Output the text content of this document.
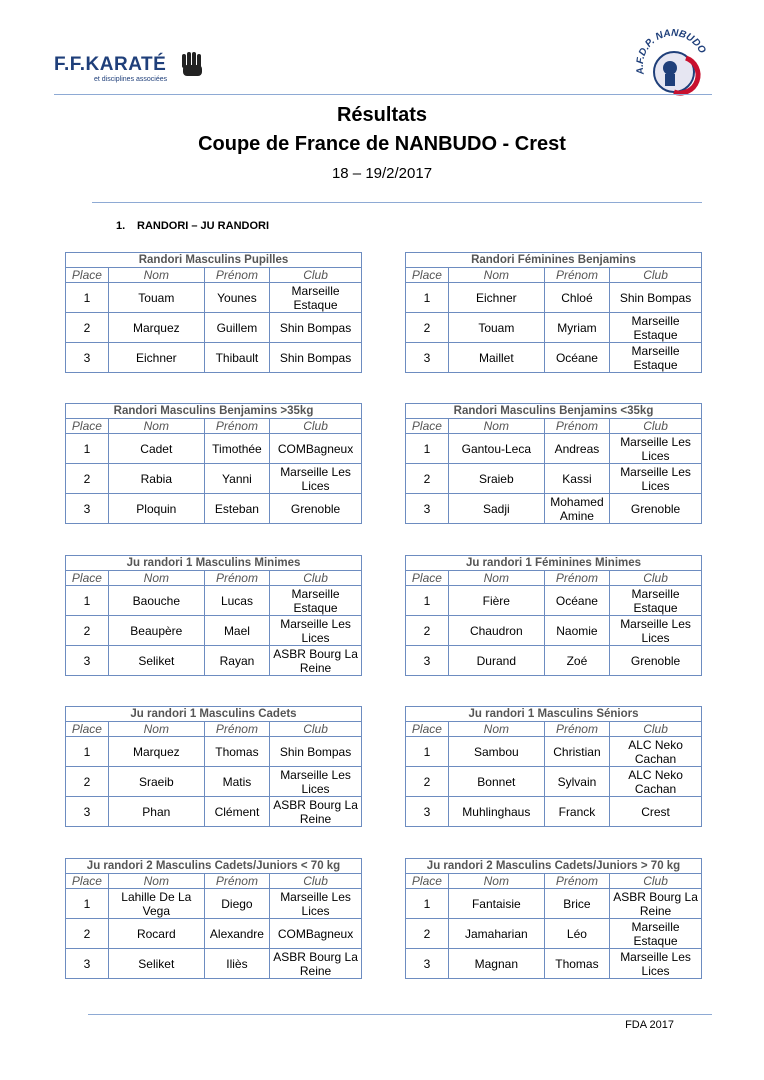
F.F.KARATÉ
et disciplines associées
A.F.D.P. NANBUDO
Résultats
Coupe de France de NANBUDO - Crest
18 – 19/2/2017
1. RANDORI – JU RANDORI
Randori Masculins Pupilles			
Place	Nom	Prénom	Club
1	Touam	Younes	Marseille Estaque
2	Marquez	Guillem	Shin Bompas
3	Eichner	Thibault	Shin Bompas
Randori Féminines Benjamins			
Place	Nom	Prénom	Club
1	Eichner	Chloé	Shin Bompas
2	Touam	Myriam	Marseille Estaque
3	Maillet	Océane	Marseille Estaque
Randori Masculins Benjamins >35kg			
Place	Nom	Prénom	Club
1	Cadet	Timothée	COMBagneux
2	Rabia	Yanni	Marseille Les Lices
3	Ploquin	Esteban	Grenoble
Randori Masculins Benjamins <35kg			
Place	Nom	Prénom	Club
1	Gantou-Leca	Andreas	Marseille Les Lices
2	Sraieb	Kassi	Marseille Les Lices
3	Sadji	Mohamed Amine	Grenoble
Ju randori 1 Masculins Minimes			
Place	Nom	Prénom	Club
1	Baouche	Lucas	Marseille Estaque
2	Beaupère	Mael	Marseille Les Lices
3	Seliket	Rayan	ASBR Bourg La Reine
Ju randori 1 Féminines Minimes			
Place	Nom	Prénom	Club
1	Fière	Océane	Marseille Estaque
2	Chaudron	Naomie	Marseille Les Lices
3	Durand	Zoé	Grenoble
Ju randori 1 Masculins Cadets			
Place	Nom	Prénom	Club
1	Marquez	Thomas	Shin Bompas
2	Sraeib	Matis	Marseille Les Lices
3	Phan	Clément	ASBR Bourg La Reine
Ju randori 1 Masculins Séniors			
Place	Nom	Prénom	Club
1	Sambou	Christian	ALC Neko Cachan
2	Bonnet	Sylvain	ALC Neko Cachan
3	Muhlinghaus	Franck	Crest
Ju randori 2 Masculins Cadets/Juniors < 70 kg			
Place	Nom	Prénom	Club
1	Lahille De La Vega	Diego	Marseille Les Lices
2	Rocard	Alexandre	COMBagneux
3	Seliket	Iliès	ASBR Bourg La Reine
Ju randori 2 Masculins Cadets/Juniors > 70 kg			
Place	Nom	Prénom	Club
1	Fantaisie	Brice	ASBR Bourg La Reine
2	Jamaharian	Léo	Marseille Estaque
3	Magnan	Thomas	Marseille Les Lices
FDA 2017
